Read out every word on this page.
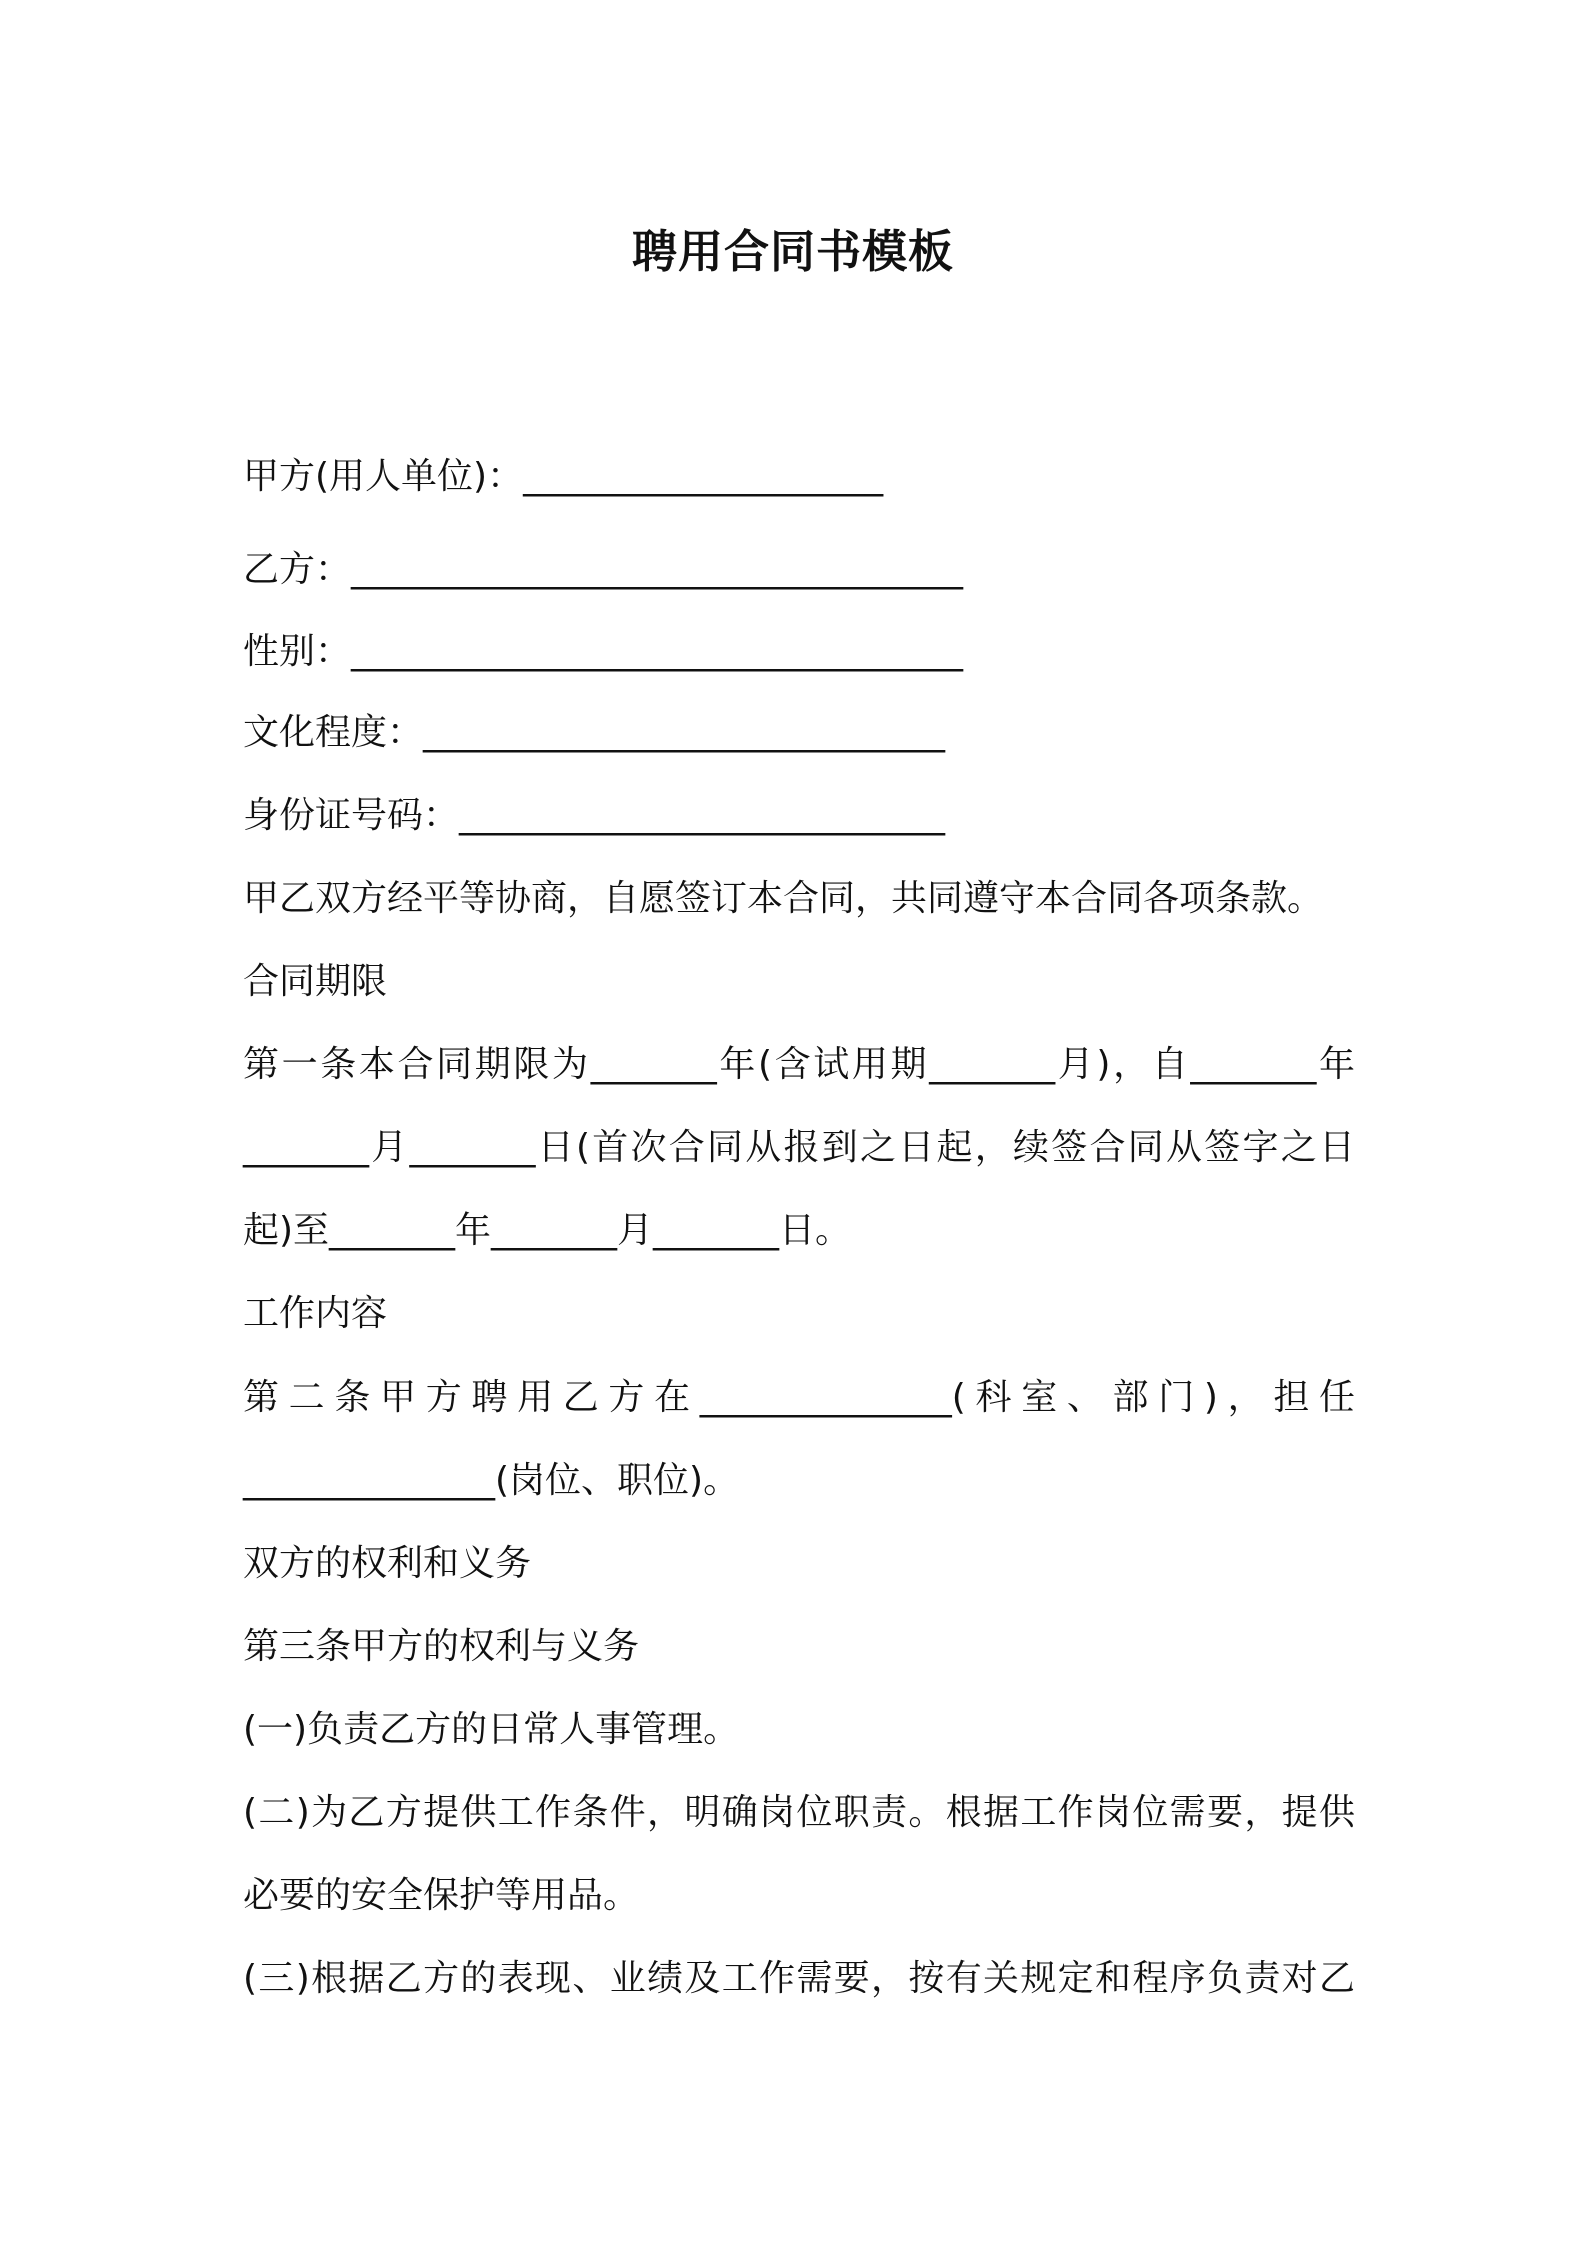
聘用合同书模板
甲方(用人单位)：____________________
乙方：__________________________________
性别：__________________________________
文化程度：_____________________________
身份证号码：___________________________
甲乙双方经平等协商，自愿签订本合同，共同遵守本合同各项条款。
合同期限
第一条本合同期限为_______年(含试用期_______月)，自_______年
_______月_______日(首次合同从报到之日起，续签合同从签字之日
起)至_______年_______月_______日。
工作内容
第二条甲方聘用乙方在______________(科室、部门)，担任
______________(岗位、职位)。
双方的权利和义务
第三条甲方的权利与义务
(一)负责乙方的日常人事管理。
(二)为乙方提供工作条件，明确岗位职责。根据工作岗位需要，提供
必要的安全保护等用品。
(三)根据乙方的表现、业绩及工作需要，按有关规定和程序负责对乙
